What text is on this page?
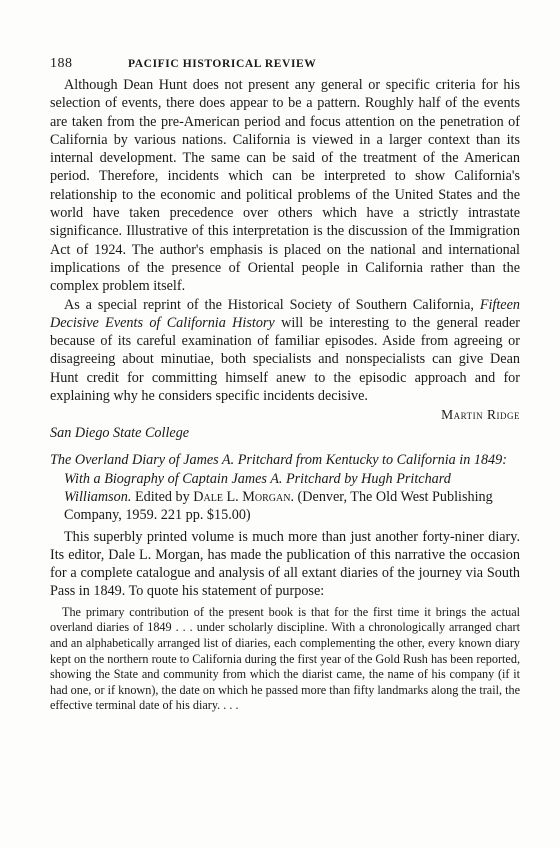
188	PACIFIC HISTORICAL REVIEW

Although Dean Hunt does not present any general or specific criteria for his selection of events, there does appear to be a pattern. Roughly half of the events are taken from the pre-American period and focus attention on the penetration of California by various nations. California is viewed in a larger context than its internal development. The same can be said of the treatment of the American period. Therefore, incidents which can be interpreted to show California's relationship to the economic and political problems of the United States and the world have taken precedence over others which have a strictly intrastate significance. Illustrative of this interpretation is the discussion of the Immigration Act of 1924. The author's emphasis is placed on the national and international implications of the presence of Oriental people in California rather than the complex problem itself.

As a special reprint of the Historical Society of Southern California, Fifteen Decisive Events of California History will be interesting to the general reader because of its careful examination of familiar episodes. Aside from agreeing or disagreeing about minutiae, both specialists and nonspecialists can give Dean Hunt credit for committing himself anew to the episodic approach and for explaining why he considers specific incidents decisive.

Martin Ridge
San Diego State College

The Overland Diary of James A. Pritchard from Kentucky to California in 1849: With a Biography of Captain James A. Pritchard by Hugh Pritchard Williamson. Edited by Dale L. Morgan. (Denver, The Old West Publishing Company, 1959. 221 pp. $15.00)

This superbly printed volume is much more than just another forty-niner diary. Its editor, Dale L. Morgan, has made the publication of this narrative the occasion for a complete catalogue and analysis of all extant diaries of the journey via South Pass in 1849. To quote his statement of purpose:

The primary contribution of the present book is that for the first time it brings the actual overland diaries of 1849 . . . under scholarly discipline. With a chronologically arranged chart and an alphabetically arranged list of diaries, each complementing the other, every known diary kept on the northern route to California during the first year of the Gold Rush has been reported, showing the State and community from which the diarist came, the name of his company (if it had one, or if known), the date on which he passed more than fifty landmarks along the trail, the effective terminal date of his diary. . . .
